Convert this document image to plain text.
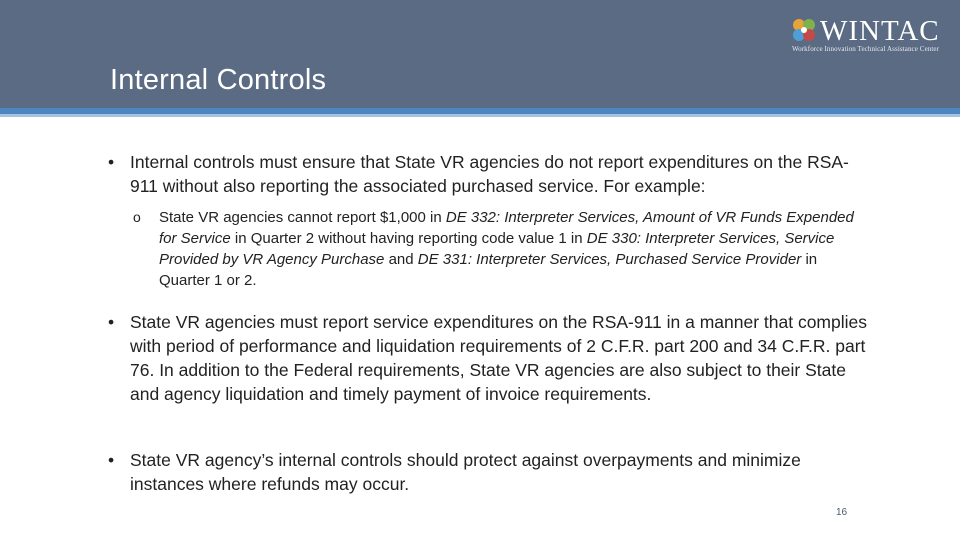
Internal Controls
WINTAC
Workforce Innovation Technical Assistance Center
• Internal controls must ensure that State VR agencies do not report expenditures on the RSA-911 without also reporting the associated purchased service. For example:
o State VR agencies cannot report $1,000 in DE 332: Interpreter Services, Amount of VR Funds Expended for Service in Quarter 2 without having reporting code value 1 in DE 330: Interpreter Services, Service Provided by VR Agency Purchase and DE 331: Interpreter Services, Purchased Service Provider in Quarter 1 or 2.
• State VR agencies must report service expenditures on the RSA-911 in a manner that complies with period of performance and liquidation requirements of 2 C.F.R. part 200 and 34 C.F.R. part 76. In addition to the Federal requirements, State VR agencies are also subject to their State and agency liquidation and timely payment of invoice requirements.
• State VR agency’s internal controls should protect against overpayments and minimize instances where refunds may occur.
16
